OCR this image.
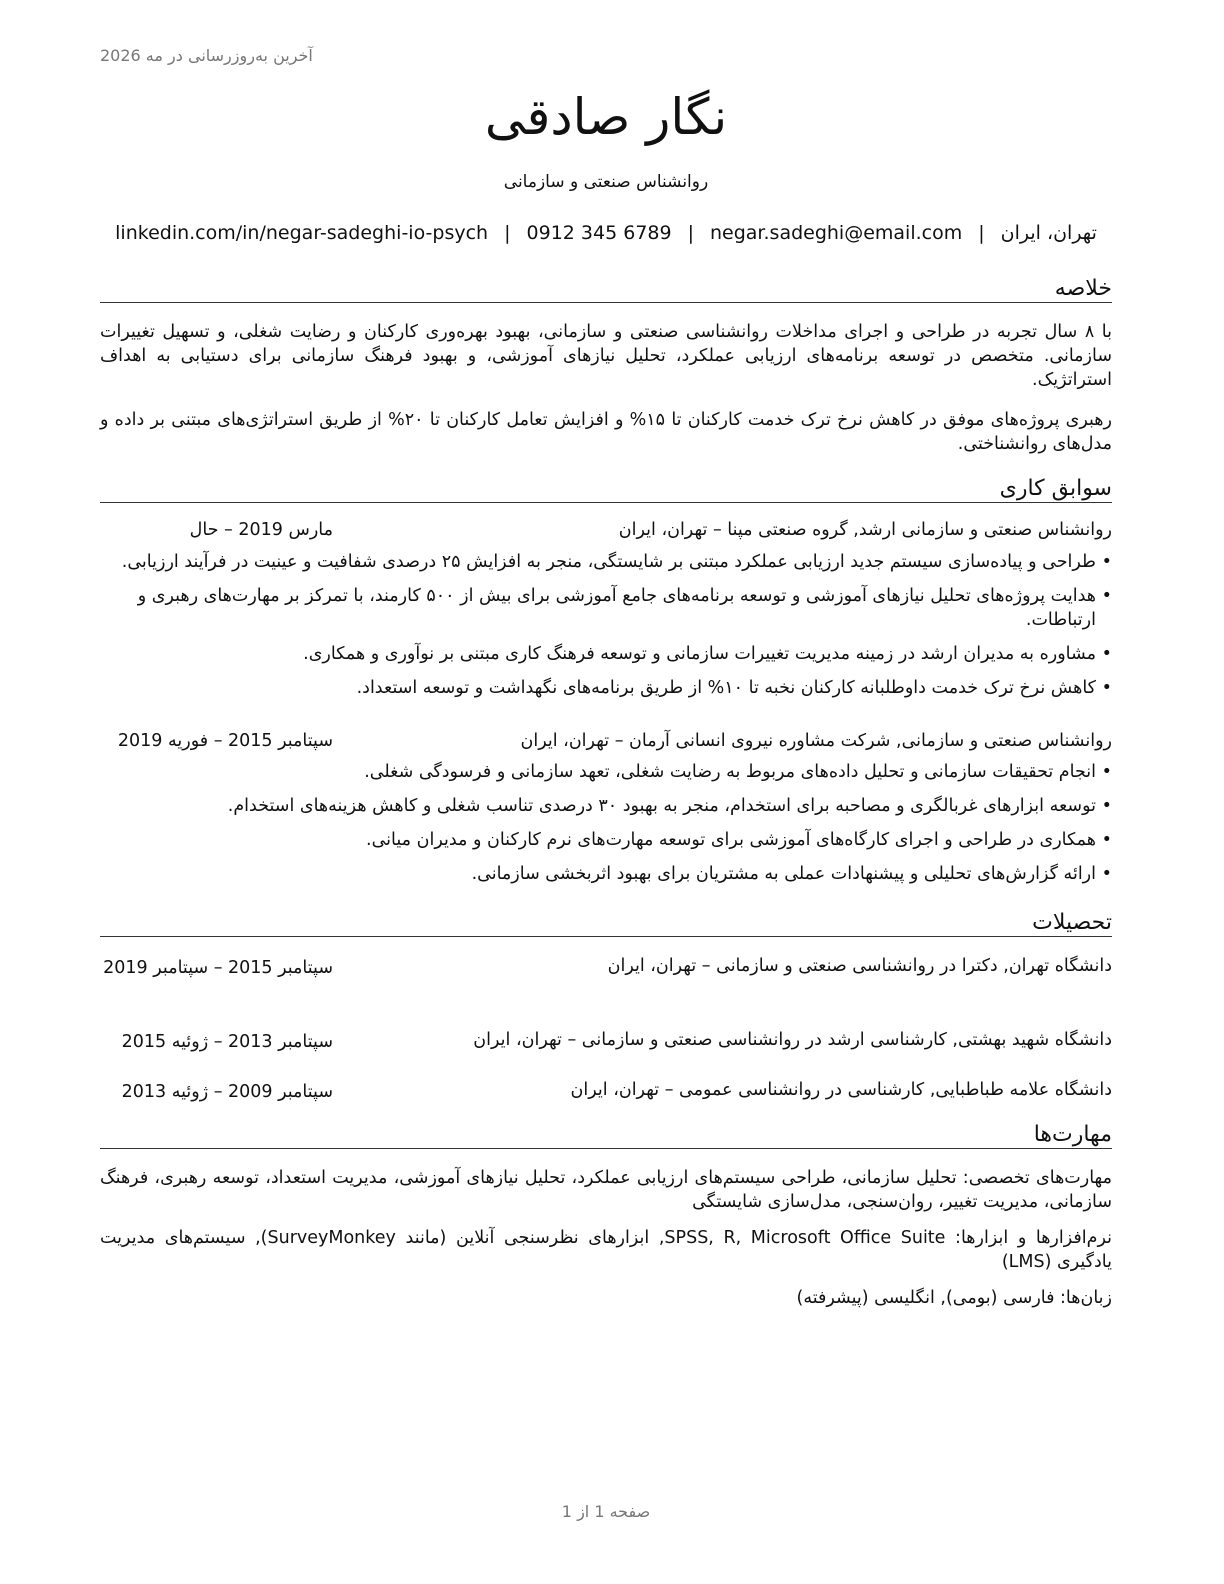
آخرین به‌روزرسانی در مه 2026
نگار صادقی
روانشناس صنعتی و سازمانی
تهران، ایران
|
negar.sadeghi@email.com
|
6789 345 0912
|
linkedin.com/in/negar-sadeghi-io-psych
خلاصه
با ۸ سال تجربه در طراحی و اجرای مداخلات روانشناسی صنعتی و سازمانی، بهبود بهره‌وری کارکنان و رضایت شغلی، و تسهیل تغییرات سازمانی. متخصص در توسعه برنامه‌های ارزیابی عملکرد، تحلیل نیازهای آموزشی، و بهبود فرهنگ سازمانی برای دستیابی به اهداف استراتژیک.
رهبری پروژه‌های موفق در کاهش نرخ ترک خدمت کارکنان تا ۱۵% و افزایش تعامل کارکنان تا ۲۰% از طریق استراتژی‌های مبتنی بر داده و مدل‌های روانشناختی.
سوابق کاری
روانشناس صنعتی و سازمانی ارشد, گروه صنعتی مپنا – تهران، ایران
مارس 2019 – حال
• طراحی و پیاده‌سازی سیستم جدید ارزیابی عملکرد مبتنی بر شایستگی، منجر به افزایش ۲۵ درصدی شفافیت و عینیت در فرآیند ارزیابی.
• هدایت پروژه‌های تحلیل نیازهای آموزشی و توسعه برنامه‌های جامع آموزشی برای بیش از ۵۰۰ کارمند، با تمرکز بر مهارت‌های رهبری و ارتباطات.
• مشاوره به مدیران ارشد در زمینه مدیریت تغییرات سازمانی و توسعه فرهنگ کاری مبتنی بر نوآوری و همکاری.
• کاهش نرخ ترک خدمت داوطلبانه کارکنان نخبه تا ۱۰% از طریق برنامه‌های نگهداشت و توسعه استعداد.
روانشناس صنعتی و سازمانی, شرکت مشاوره نیروی انسانی آرمان – تهران، ایران
سپتامبر 2015 – فوریه 2019
• انجام تحقیقات سازمانی و تحلیل داده‌های مربوط به رضایت شغلی، تعهد سازمانی و فرسودگی شغلی.
• توسعه ابزارهای غربالگری و مصاحبه برای استخدام، منجر به بهبود ۳۰ درصدی تناسب شغلی و کاهش هزینه‌های استخدام.
• همکاری در طراحی و اجرای کارگاه‌های آموزشی برای توسعه مهارت‌های نرم کارکنان و مدیران میانی.
• ارائه گزارش‌های تحلیلی و پیشنهادات عملی به مشتریان برای بهبود اثربخشی سازمانی.
تحصیلات
دانشگاه تهران, دکترا در روانشناسی صنعتی و سازمانی – تهران، ایران
سپتامبر 2015 – سپتامبر 2019
دانشگاه شهید بهشتی, کارشناسی ارشد در روانشناسی صنعتی و سازمانی – تهران، ایران
سپتامبر 2013 – ژوئیه 2015
دانشگاه علامه طباطبایی, کارشناسی در روانشناسی عمومی – تهران، ایران
سپتامبر 2009 – ژوئیه 2013
مهارت‌ها
مهارت‌های تخصصی: تحلیل سازمانی، طراحی سیستم‌های ارزیابی عملکرد، تحلیل نیازهای آموزشی، مدیریت استعداد، توسعه رهبری، فرهنگ سازمانی، مدیریت تغییر، روان‌سنجی، مدل‌سازی شایستگی
نرم‌افزارها و ابزارها: SPSS, R, Microsoft Office Suite, ابزارهای نظرسنجی آنلاین (مانند SurveyMonkey), سیستم‌های مدیریت یادگیری (LMS)
زبان‌ها: فارسی (بومی), انگلیسی (پیشرفته)
صفحه 1 از 1
